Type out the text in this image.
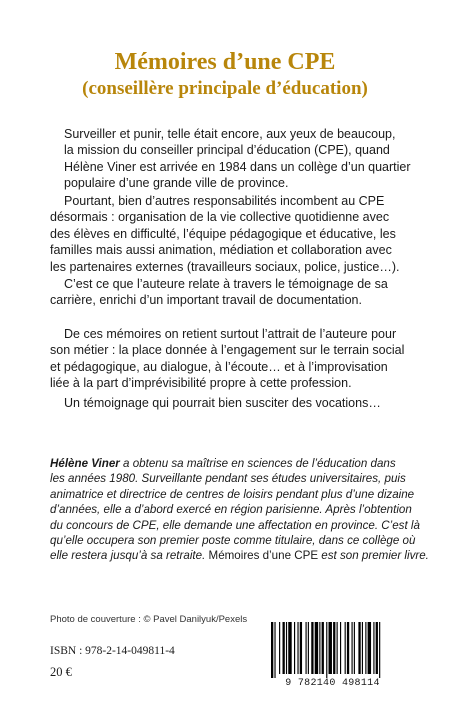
Mémoires d’une CPE
(conseillère principale d’éducation)
Surveiller et punir, telle était encore, aux yeux de beaucoup,
la mission du conseiller principal d’éducation (CPE), quand
Hélène Viner est arrivée en 1984 dans un collège d’un quartier
populaire d’une grande ville de province.
Pourtant, bien d’autres responsabilités incombent au CPE
désormais : organisation de la vie collective quotidienne avec
des élèves en difficulté, l’équipe pédagogique et éducative, les
familles mais aussi animation, médiation et collaboration avec
les partenaires externes (travailleurs sociaux, police, justice…).
C’est ce que l’auteure relate à travers le témoignage de sa
carrière, enrichi d’un important travail de documentation.
De ces mémoires on retient surtout l’attrait de l’auteure pour
son métier : la place donnée à l’engagement sur le terrain social
et pédagogique, au dialogue, à l’écoute… et à l’improvisation
liée à la part d’imprévisibilité propre à cette profession.
Un témoignage qui pourrait bien susciter des vocations…
Hélène Viner a obtenu sa maîtrise en sciences de l’éducation dans
les années 1980. Surveillante pendant ses études universitaires, puis
animatrice et directrice de centres de loisirs pendant plus d’une dizaine
d’années, elle a d’abord exercé en région parisienne. Après l’obtention
du concours de CPE, elle demande une affectation en province. C’est là
qu’elle occupera son premier poste comme titulaire, dans ce collège où
elle restera jusqu’à sa retraite. Mémoires d’une CPE est son premier livre.
Photo de couverture : © Pavel Danilyuk/Pexels
ISBN : 978-2-14-049811-4
20 €
9 782140 498114
